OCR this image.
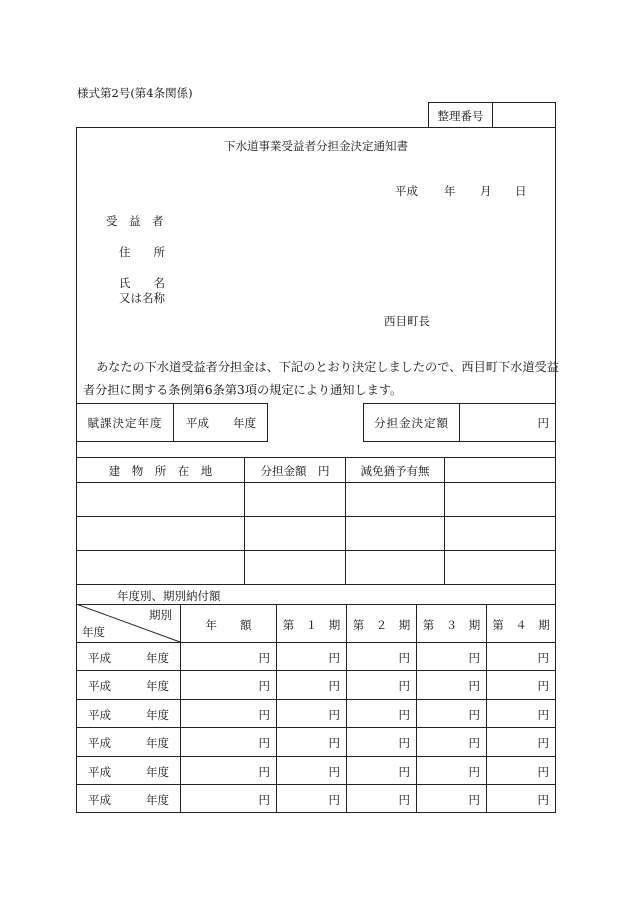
様式第2号(第4条関係)
整理番号
下水道事業受益者分担金決定通知書
平成 年 月 日
受　益　者
住　　所
氏　　名
又は名称
西目町長
あなたの下水道受益者分担金は、下記のとおり決定しましたので、西目町下水道受益
者分担に関する条例第6条第3項の規定により通知します。
賦課決定年度	平成 年度	分担金決定額	円
建　物　所　在　地	分担金額　円	減免猶予有無
年度別、期別納付額
期別
年度	年　　額	第　１　期	第　２　期	第　３　期	第　４　期
平成	年度	円	円	円	円	円
平成	年度	円	円	円	円	円
平成	年度	円	円	円	円	円
平成	年度	円	円	円	円	円
平成	年度	円	円	円	円	円
平成	年度	円	円	円	円	円
